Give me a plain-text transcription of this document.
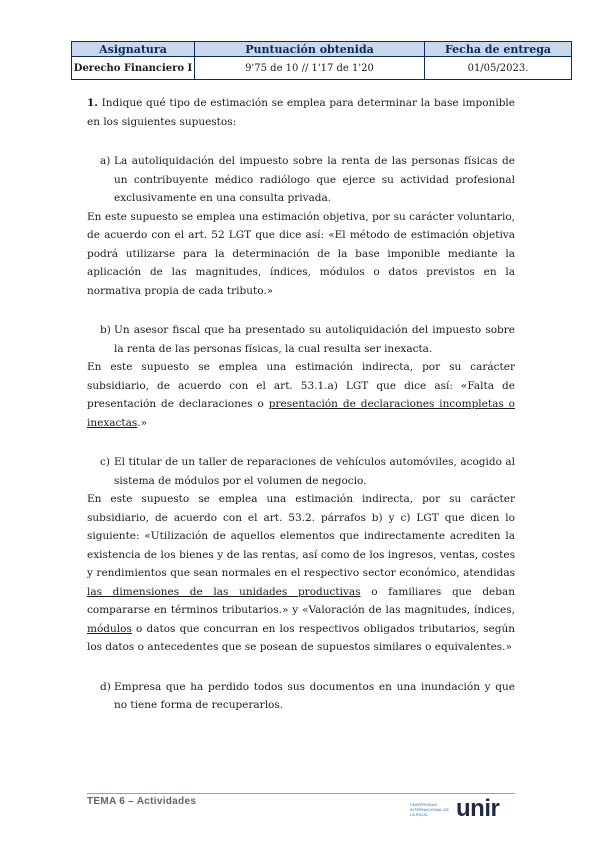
Asignatura	Puntuación obtenida	Fecha de entrega
Derecho Financiero I	9'75 de 10 // 1'17 de 1'20	01/05/2023.

1. Indique qué tipo de estimación se emplea para determinar la base imponible en los siguientes supuestos:

a) La autoliquidación del impuesto sobre la renta de las personas físicas de un contribuyente médico radiólogo que ejerce su actividad profesional exclusivamente en una consulta privada.

En este supuesto se emplea una estimación objetiva, por su carácter voluntario, de acuerdo con el art. 52 LGT que dice así: «El método de estimación objetiva podrá utilizarse para la determinación de la base imponible mediante la aplicación de las magnitudes, índices, módulos o datos previstos en la normativa propia de cada tributo.»

b) Un asesor fiscal que ha presentado su autoliquidación del impuesto sobre la renta de las personas físicas, la cual resulta ser inexacta.

En este supuesto se emplea una estimación indirecta, por su carácter subsidiario, de acuerdo con el art. 53.1.a) LGT que dice así: «Falta de presentación de declaraciones o presentación de declaraciones incompletas o inexactas.»

c) El titular de un taller de reparaciones de vehículos automóviles, acogido al sistema de módulos por el volumen de negocio.

En este supuesto se emplea una estimación indirecta, por su carácter subsidiario, de acuerdo con el art. 53.2. párrafos b) y c) LGT que dicen lo siguiente: «Utilización de aquellos elementos que indirectamente acrediten la existencia de los bienes y de las rentas, así como de los ingresos, ventas, costes y rendimientos que sean normales en el respectivo sector económico, atendidas las dimensiones de las unidades productivas o familiares que deban compararse en términos tributarios.» y «Valoración de las magnitudes, índices, módulos o datos que concurran en los respectivos obligados tributarios, según los datos o antecedentes que se posean de supuestos similares o equivalentes.»

d) Empresa que ha perdido todos sus documentos en una inundación y que no tiene forma de recuperarlos.
TEMA 6 – Actividades	UNIVERSIDAD INTERNACIONAL DE LA RIOJA	unir
